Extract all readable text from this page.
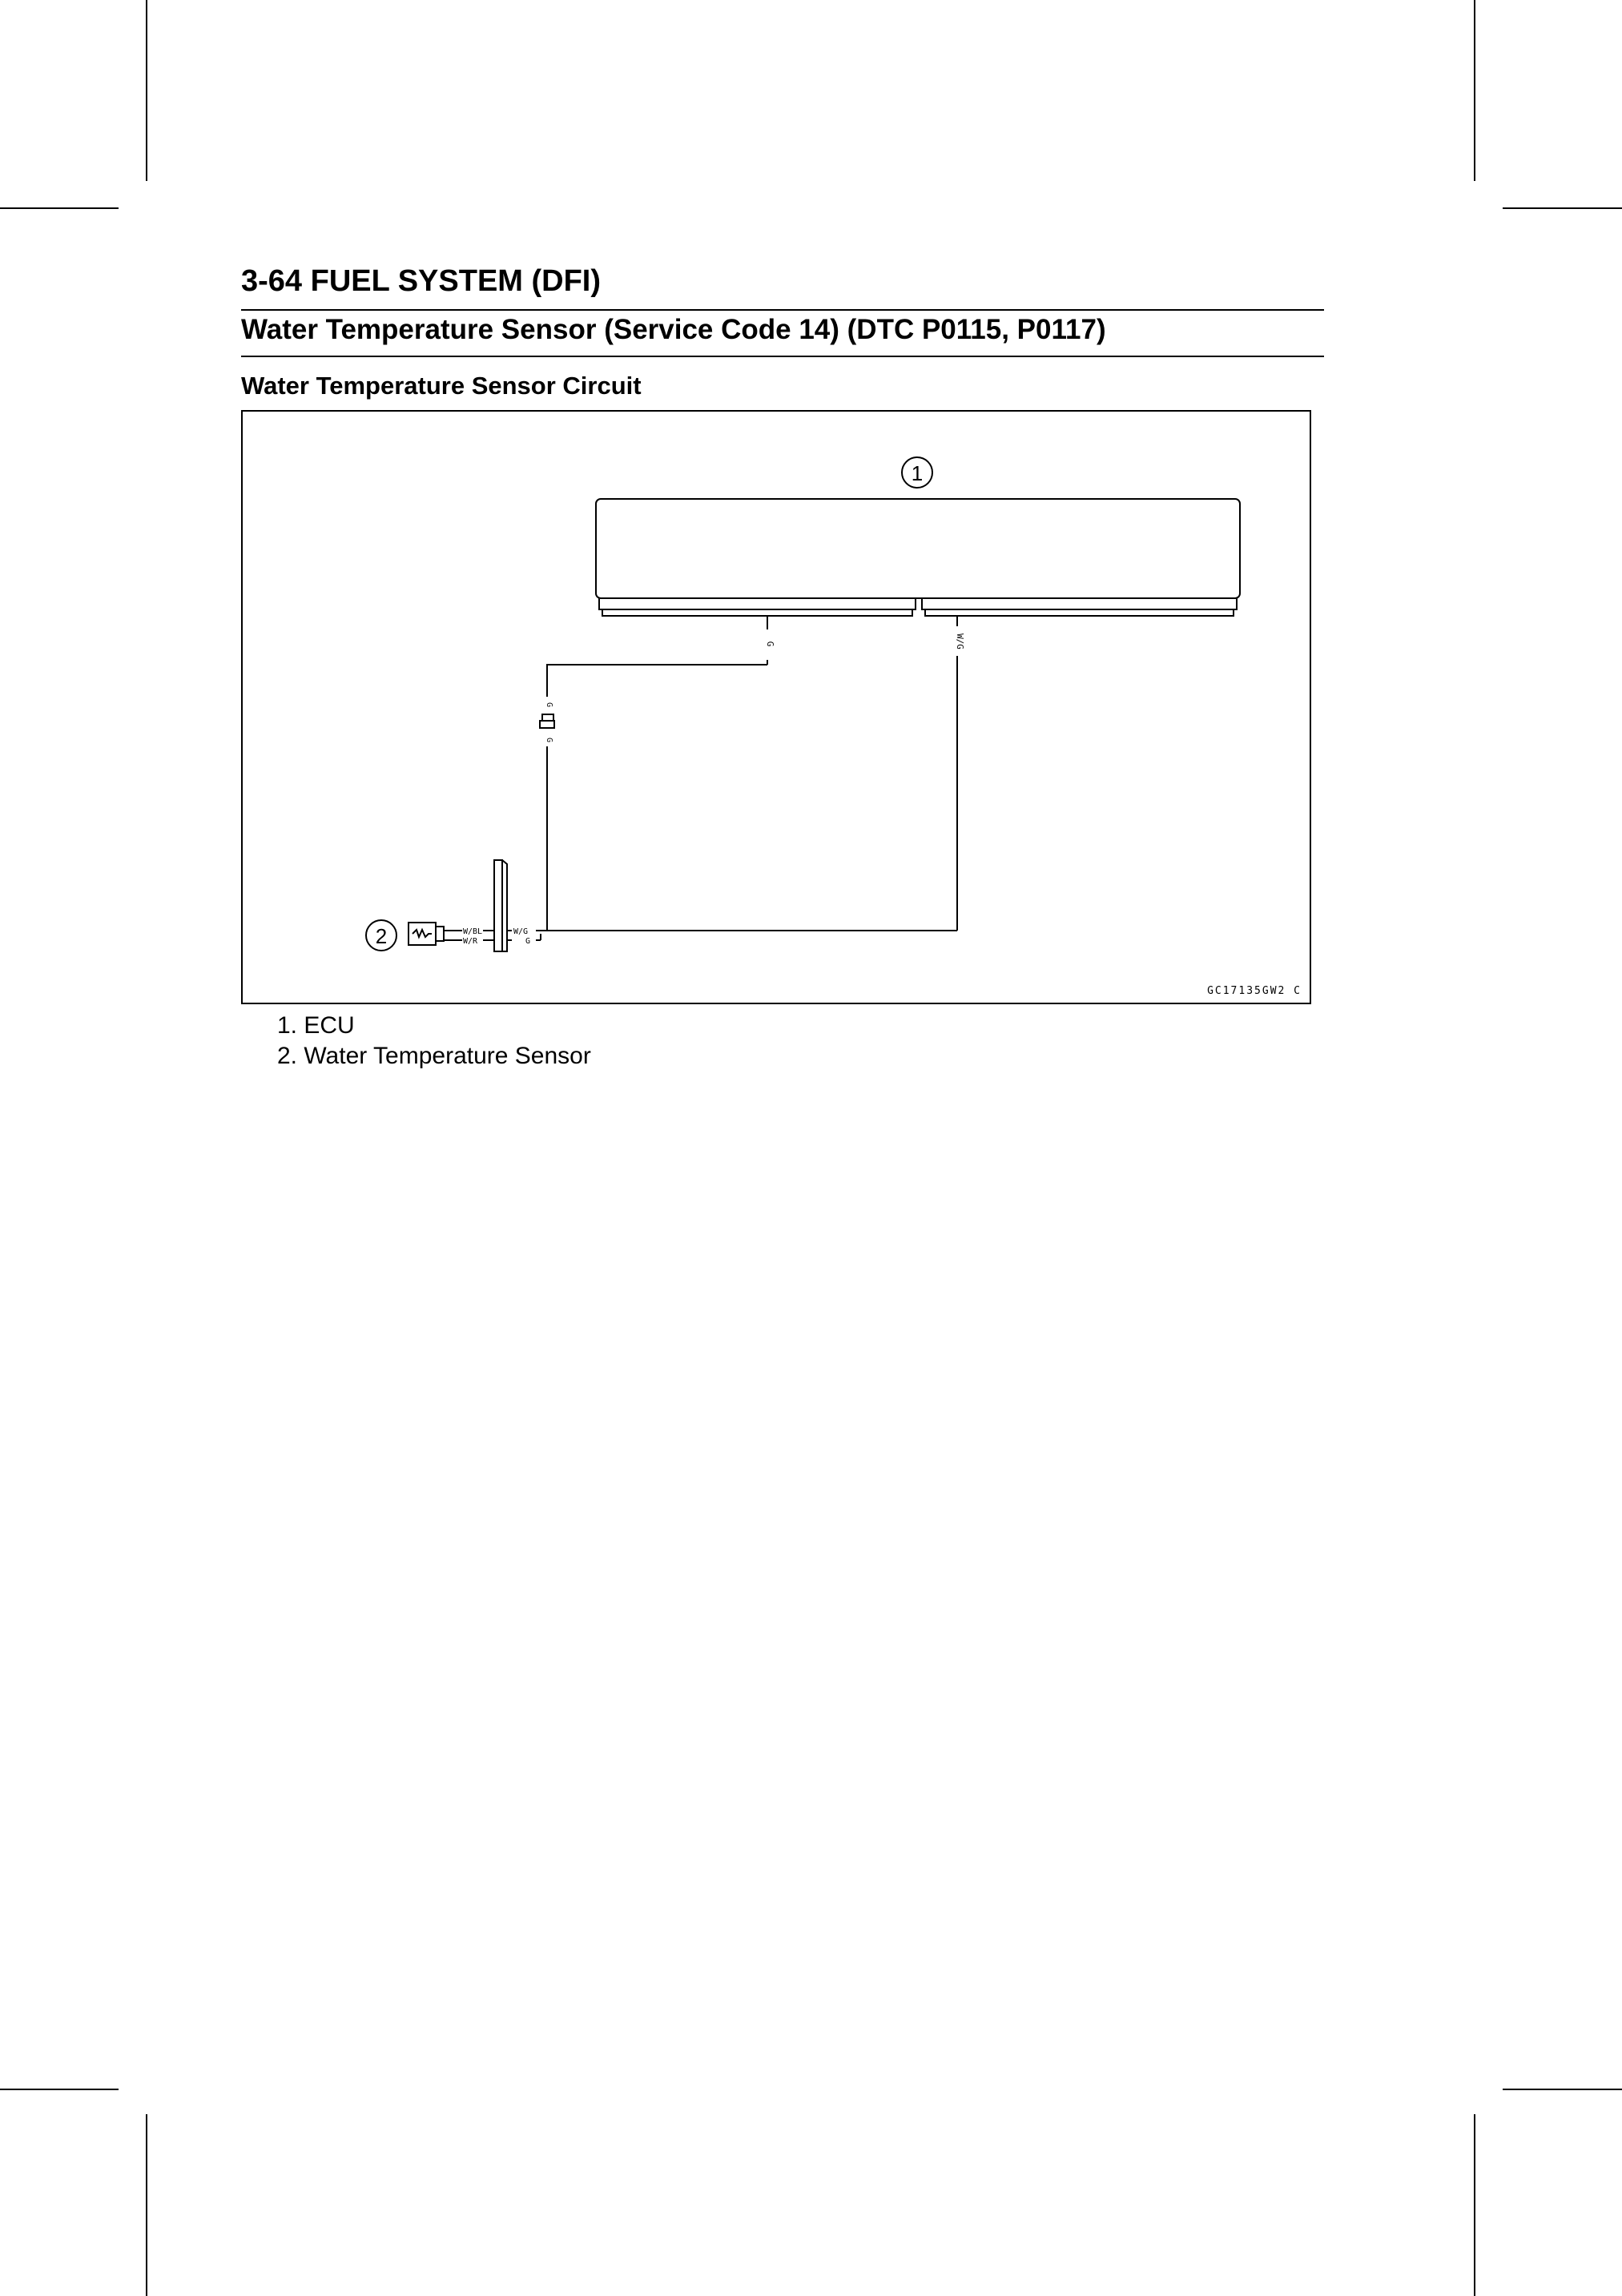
3-64 FUEL SYSTEM (DFI)
Water Temperature Sensor (Service Code 14) (DTC P0115, P0117)
Water Temperature Sensor Circuit
1
G	W/G
G
G
W/G
G
W/BL
W/R
2
GC17135GW2 C
1. ECU
2. Water Temperature Sensor
